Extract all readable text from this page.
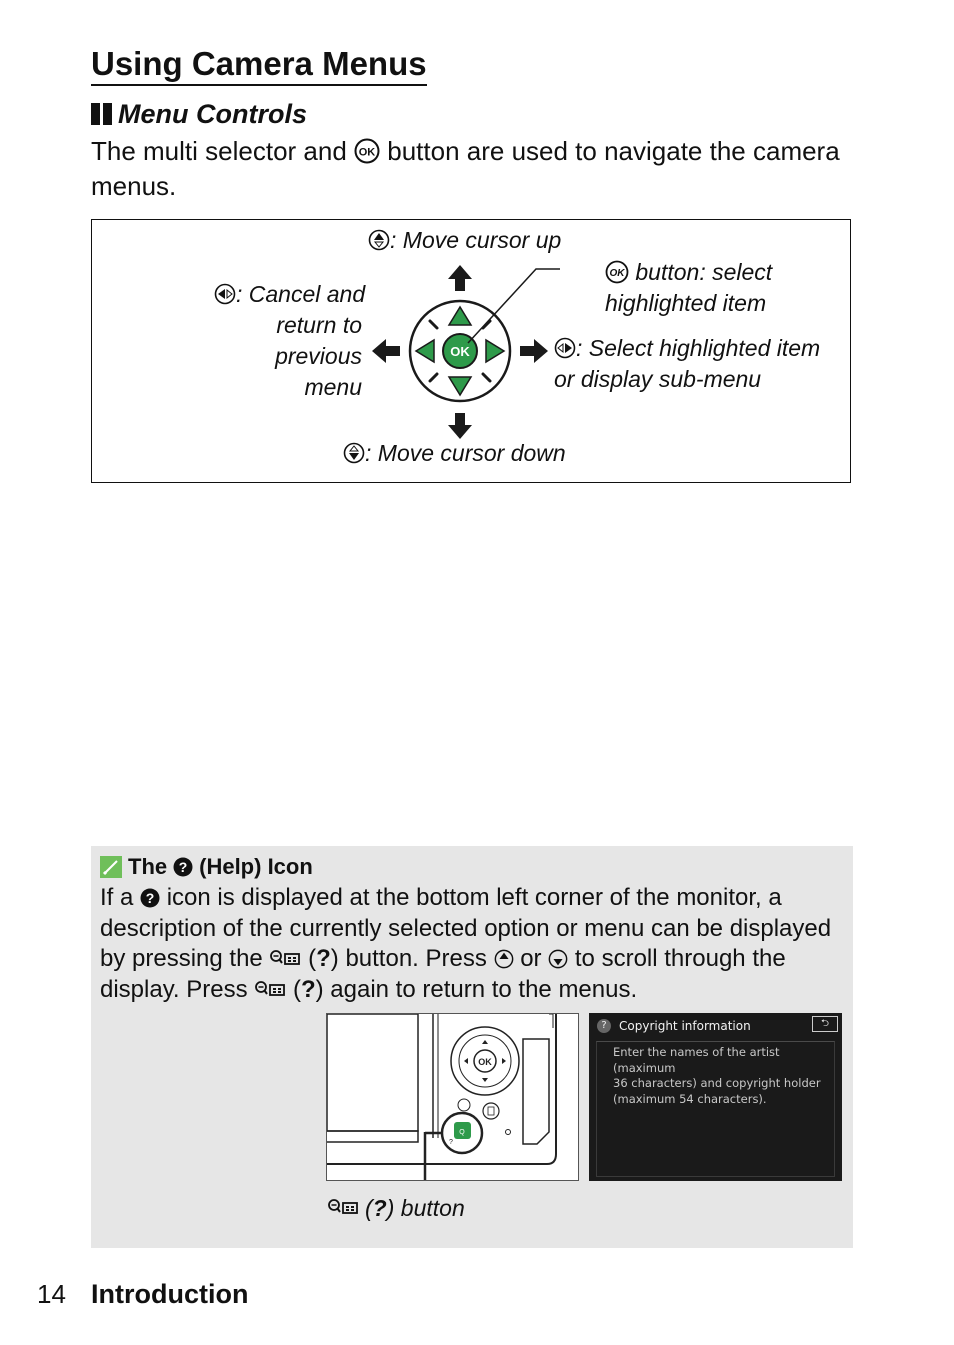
Using Camera Menus
Menu Controls
The multi selector and OK button are used to navigate the camera menus.
OK
: Move cursor up
OK button: select
highlighted item
: Cancel and
return to
previous
menu
: Select highlighted item
or display sub-menu
: Move cursor down
The ? (Help) Icon
If a ? icon is displayed at the bottom left corner of the monitor, a description of the currently selected option or menu can be displayed by pressing the (?) button. Press or to scroll through the display. Press (?) again to return to the menus.
OK
Q
?
?	Copyright information	⮌
Enter the names of the artist (maximum
36 characters) and copyright holder
(maximum 54 characters).
(?) button
14 Introduction
